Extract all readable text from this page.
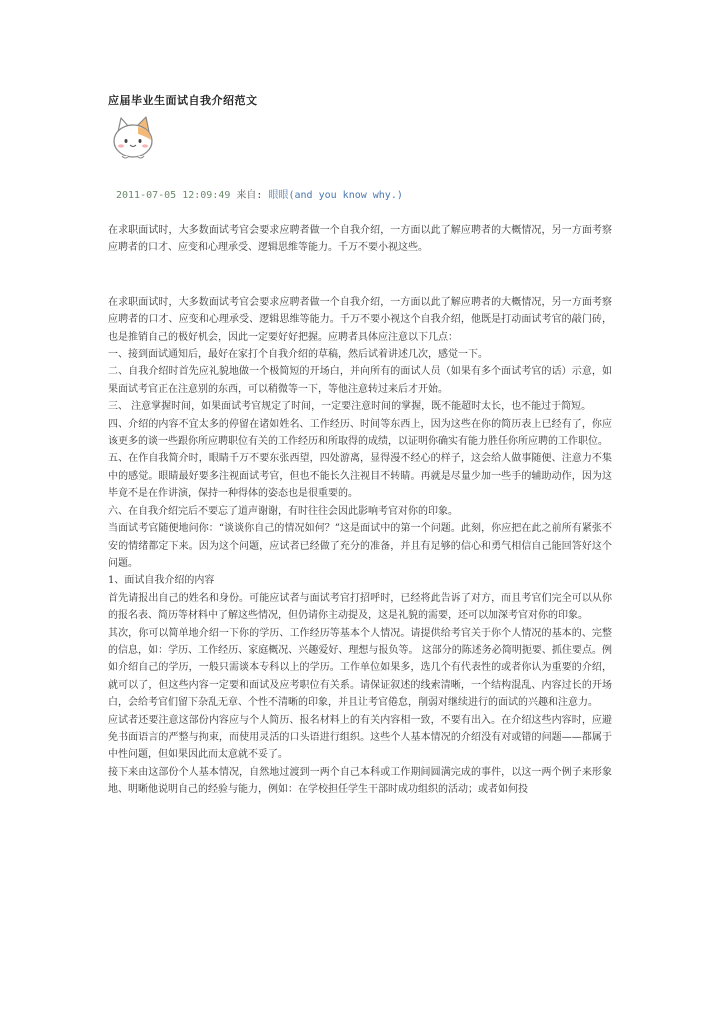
应届毕业生面试自我介绍范文
2011-07-05 12:09:49 来自: 眼眼(and you know why.)

在求职面试时，大多数面试考官会要求应聘者做一个自我介绍，一方面以此了解应聘者的大概情况，另一方面考察应聘者的口才、应变和心理承受、逻辑思维等能力。千万不要小视这些。

在求职面试时，大多数面试考官会要求应聘者做一个自我介绍，一方面以此了解应聘者的大概情况，另一方面考察应聘者的口才、应变和心理承受、逻辑思维等能力。千万不要小视这个自我介绍，他既是打动面试考官的敲门砖，也是推销自己的极好机会，因此一定要好好把握。应聘者具体应注意以下几点：

一、接到面试通知后，最好在家打个自我介绍的草稿，然后试着讲述几次，感觉一下。

二、自我介绍时首先应礼貌地做一个极简短的开场白，并向所有的面试人员（如果有多个面试考官的话）示意，如果面试考官正在注意别的东西，可以稍微等一下，等他注意转过来后才开始。

三、 注意掌握时间，如果面试考官规定了时间，一定要注意时间的掌握，既不能超时太长，也不能过于简短。

四、介绍的内容不宜太多的停留在诸如姓名、工作经历、时间等东西上，因为这些在你的简历表上已经有了，你应该更多的谈一些跟你所应聘职位有关的工作经历和所取得的成绩，以证明你确实有能力胜任你所应聘的工作职位。

五、在作自我简介时，眼睛千万不要东张西望，四处游离，显得漫不经心的样子，这会给人做事随便、注意力不集中的感觉。眼睛最好要多注视面试考官，但也不能长久注视目不转睛。再就是尽量少加一些手的辅助动作，因为这毕竟不是在作讲演，保持一种得体的姿态也是很重要的。

六、在自我介绍完后不要忘了道声谢谢，有时往往会因此影响考官对你的印象。

当面试考官随便地问你：“谈谈你自己的情况如何？”这是面试中的第一个问题。此刻，你应把在此之前所有紧张不安的情绪都定下来。因为这个问题，应试者已经做了充分的准备，并且有足够的信心和勇气相信自己能回答好这个问题。

1、面试自我介绍的内容

首先请报出自己的姓名和身份。可能应试者与面试考官打招呼时，已经将此告诉了对方，而且考官们完全可以从你的报名表、简历等材料中了解这些情况，但仍请你主动提及，这是礼貌的需要，还可以加深考官对你的印象。

其次，你可以简单地介绍一下你的学历、工作经历等基本个人情况。请提供给考官关于你个人情况的基本的、完整的信息，如：学历、工作经历、家庭概况、兴趣爱好、理想与报负等。 这部分的陈述务必简明扼要、抓住要点。例如介绍自己的学历，一般只需谈本专科以上的学历。工作单位如果多，选几个有代表性的或者你认为重要的介绍，就可以了，但这些内容一定要和面试及应考职位有关系。请保证叙述的线索清晰，一个结构混乱、内容过长的开场白，会给考官们留下杂乱无章、个性不清晰的印象，并且让考官倦怠，削弱对继续进行的面试的兴趣和注意力。

应试者还要注意这部份内容应与个人简历、报名材料上的有关内容相一致，不要有出入。在介绍这些内容时，应避免书面语言的严整与拘束，而使用灵活的口头语进行组织。这些个人基本情况的介绍没有对或错的问题——都属于中性问题，但如果因此而太意就不妥了。

接下来由这部份个人基本情况，自然地过渡到一两个自己本科或工作期间圆满完成的事件，以这一两个例子来形象地、明晰他说明自己的经验与能力，例如：在学校担任学生干部时成功组织的活动；或者如何投
